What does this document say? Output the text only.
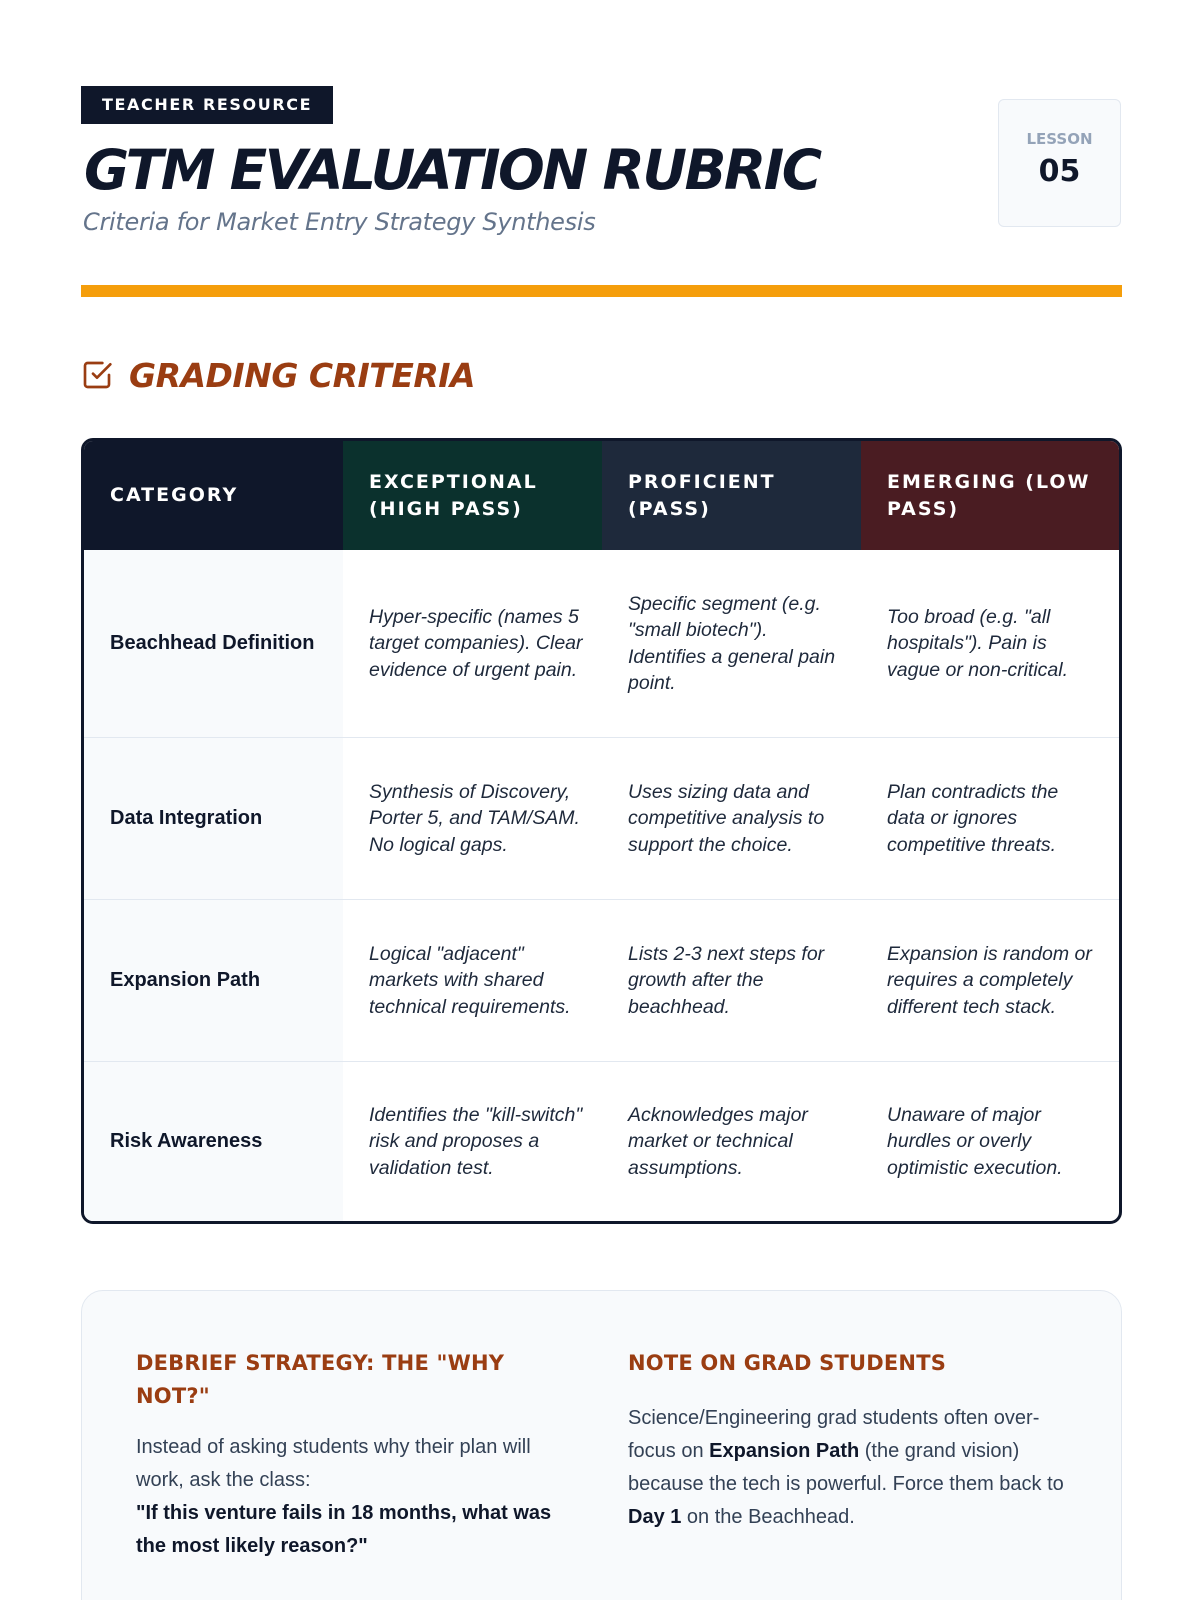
TEACHER RESOURCE
GTM EVALUATION RUBRIC

Criteria for Market Entry Strategy Synthesis

LESSON
05
GRADING CRITERIA
CATEGORY
EXCEPTIONAL (HIGH PASS)
PROFICIENT (PASS)
EMERGING (LOW PASS)
Beachhead Definition
Hyper-specific (names 5 target companies). Clear evidence of urgent pain.
Specific segment (e.g. "small biotech"). Identifies a general pain point.
Too broad (e.g. "all hospitals"). Pain is vague or non-critical.
Data Integration
Synthesis of Discovery, Porter 5, and TAM/SAM. No logical gaps.
Uses sizing data and competitive analysis to support the choice.
Plan contradicts the data or ignores competitive threats.
Expansion Path
Logical "adjacent" markets with shared technical requirements.
Lists 2-3 next steps for growth after the beachhead.
Expansion is random or requires a completely different tech stack.
Risk Awareness
Identifies the "kill-switch" risk and proposes a validation test.
Acknowledges major market or technical assumptions.
Unaware of major hurdles or overly optimistic execution.
DEBRIEF STRATEGY: THE "WHY NOT?"

Instead of asking students why their plan will work, ask the class:
"If this venture fails in 18 months, what was the most likely reason?"

NOTE ON GRAD STUDENTS

Science/Engineering grad students often over-focus on Expansion Path (the grand vision) because the tech is powerful. Force them back to Day 1 on the Beachhead.
